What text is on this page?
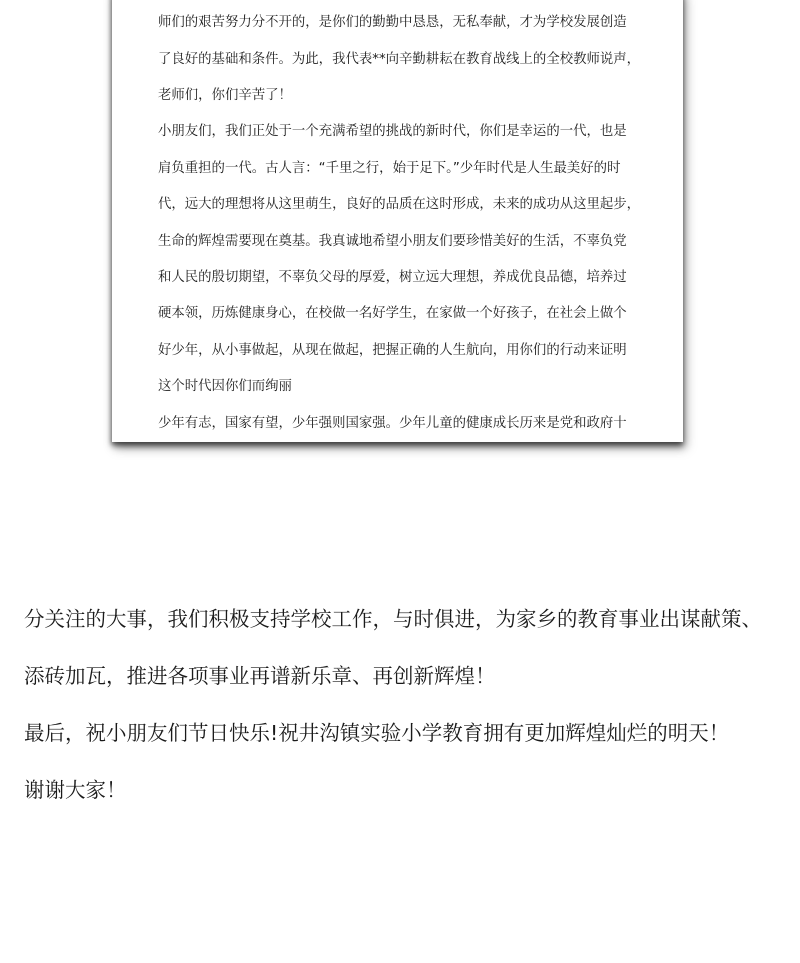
师们的艰苦努力分不开的，是你们的勤勤中恳恳，无私奉献，才为学校发展创造
了良好的基础和条件。为此，我代表**向辛勤耕耘在教育战线上的全校教师说声，
老师们，你们辛苦了！
小朋友们，我们正处于一个充满希望的挑战的新时代，你们是幸运的一代，也是
肩负重担的一代。古人言：“千里之行，始于足下。”少年时代是人生最美好的时
代，远大的理想将从这里萌生，良好的品质在这时形成，未来的成功从这里起步，
生命的辉煌需要现在奠基。我真诚地希望小朋友们要珍惜美好的生活，不辜负党
和人民的殷切期望，不辜负父母的厚爱，树立远大理想，养成优良品德，培养过
硬本领，历炼健康身心，在校做一名好学生，在家做一个好孩子，在社会上做个
好少年，从小事做起，从现在做起，把握正确的人生航向，用你们的行动来证明
这个时代因你们而绚丽
少年有志，国家有望，少年强则国家强。少年儿童的健康成长历来是党和政府十
分关注的大事，我们积极支持学校工作，与时俱进，为家乡的教育事业出谋献策、
添砖加瓦，推进各项事业再谱新乐章、再创新辉煌！
最后，祝小朋友们节日快乐!祝井沟镇实验小学教育拥有更加辉煌灿烂的明天！
谢谢大家！
